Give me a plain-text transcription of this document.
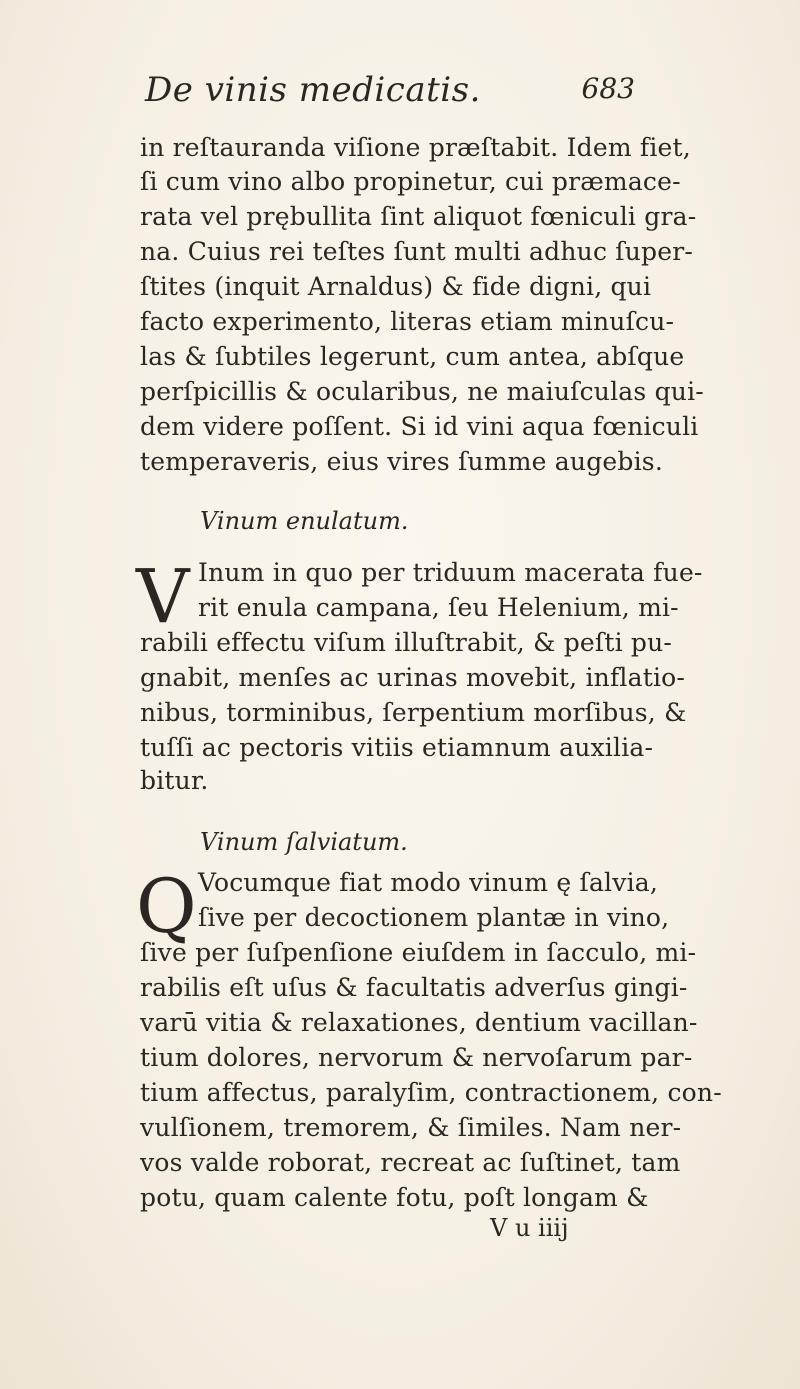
De vinis medicatis.	683
in reſtauranda viſione præſtabit. Idem fiet,
ſi cum vino albo propinetur, cui præmace-
rata vel prębullita ſint aliquot fœniculi gra-
na. Cuius rei teſtes ſunt multi adhuc ſuper-
ſtites (inquit Arnaldus) & fide digni, qui
facto experimento, literas etiam minuſcu-
las & ſubtiles legerunt, cum antea, abſque
perſpicillis & ocularibus, ne maiuſculas qui-
dem videre poſſent. Si id vini aqua fœniculi
temperaveris, eius vires ſumme augebis.
Vinum enulatum.
V Inum in quo per triduum macerata fue-
rit enula campana, ſeu Helenium, mi-
rabili effectu viſum illuſtrabit, & peſti pu-
gnabit, menſes ac urinas movebit, inflatio-
nibus, torminibus, ſerpentium morſibus, &
tuſſi ac pectoris vitiis etiamnum auxilia-
bitur.
Vinum ſalviatum.
Q Vocumque fiat modo vinum ę ſalvia,
ſive per decoctionem plantæ in vino,
ſive per ſuſpenſione eiuſdem in ſacculo, mi-
rabilis eſt uſus & facultatis adverſus gingi-
varū vitia & relaxationes, dentium vacillan-
tium dolores, nervorum & nervoſarum par-
tium affectus, paralyſim, contractionem, con-
vulſionem, tremorem, & ſimiles. Nam ner-
vos valde roborat, recreat ac ſuſtinet, tam
potu, quam calente fotu, poſt longam &
V u iiij
